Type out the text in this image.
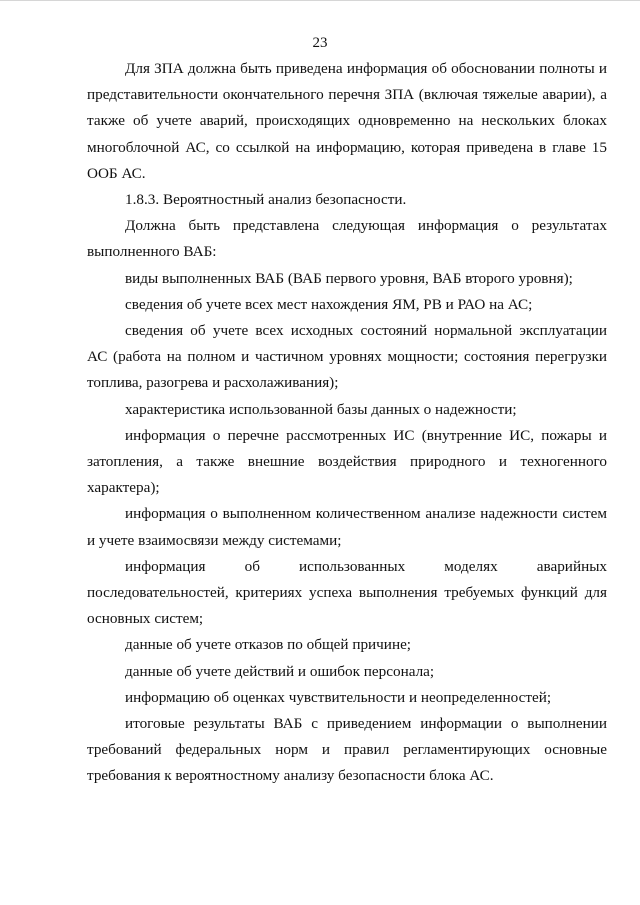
23

Для ЗПА должна быть приведена информация об обосновании полноты и представительности окончательного перечня ЗПА (включая тяжелые аварии), а также об учете аварий, происходящих одновременно на нескольких блоках многоблочной АС, со ссылкой на информацию, которая приведена в главе 15 ООБ АС.

1.8.3. Вероятностный анализ безопасности.

Должна быть представлена следующая информация о результатах выполненного ВАБ:

виды выполненных ВАБ (ВАБ первого уровня, ВАБ второго уровня);

сведения об учете всех мест нахождения ЯМ, РВ и РАО на АС;

сведения об учете всех исходных состояний нормальной эксплуатации АС (работа на полном и частичном уровнях мощности; состояния перегрузки топлива, разогрева и расхолаживания);

характеристика использованной базы данных о надежности;

информация о перечне рассмотренных ИС (внутренние ИС, пожары и затопления, а также внешние воздействия природного и техногенного характера);

информация о выполненном количественном анализе надежности систем и учете взаимосвязи между системами;

информация об использованных моделях аварийных последовательностей, критериях успеха выполнения требуемых функций для основных систем;

данные об учете отказов по общей причине;

данные об учете действий и ошибок персонала;

информацию об оценках чувствительности и неопределенностей;

итоговые результаты ВАБ с приведением информации о выполнении требований федеральных норм и правил регламентирующих основные требования к вероятностному анализу безопасности блока АС.
